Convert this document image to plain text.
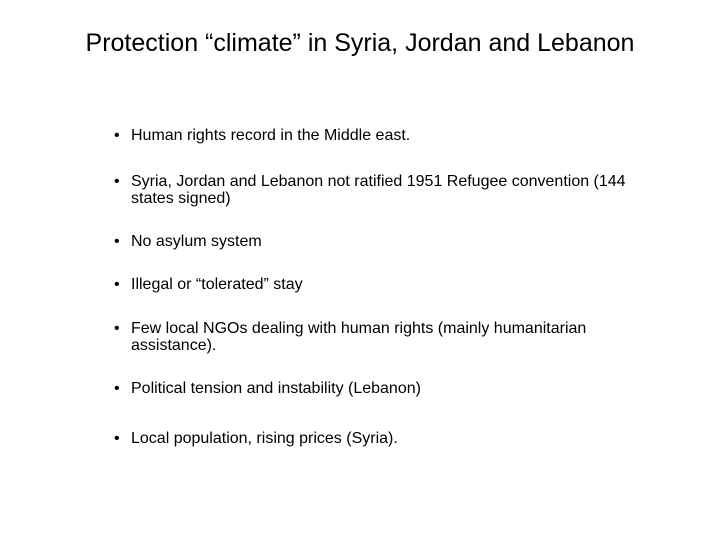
Protection “climate” in Syria, Jordan and Lebanon
• Human rights record in the Middle east.
• Syria, Jordan and Lebanon not ratified 1951 Refugee convention (144 states signed)
• No asylum system
• Illegal or “tolerated” stay
• Few local NGOs dealing with human rights (mainly humanitarian assistance).
• Political tension and instability (Lebanon)
• Local population, rising prices (Syria).
